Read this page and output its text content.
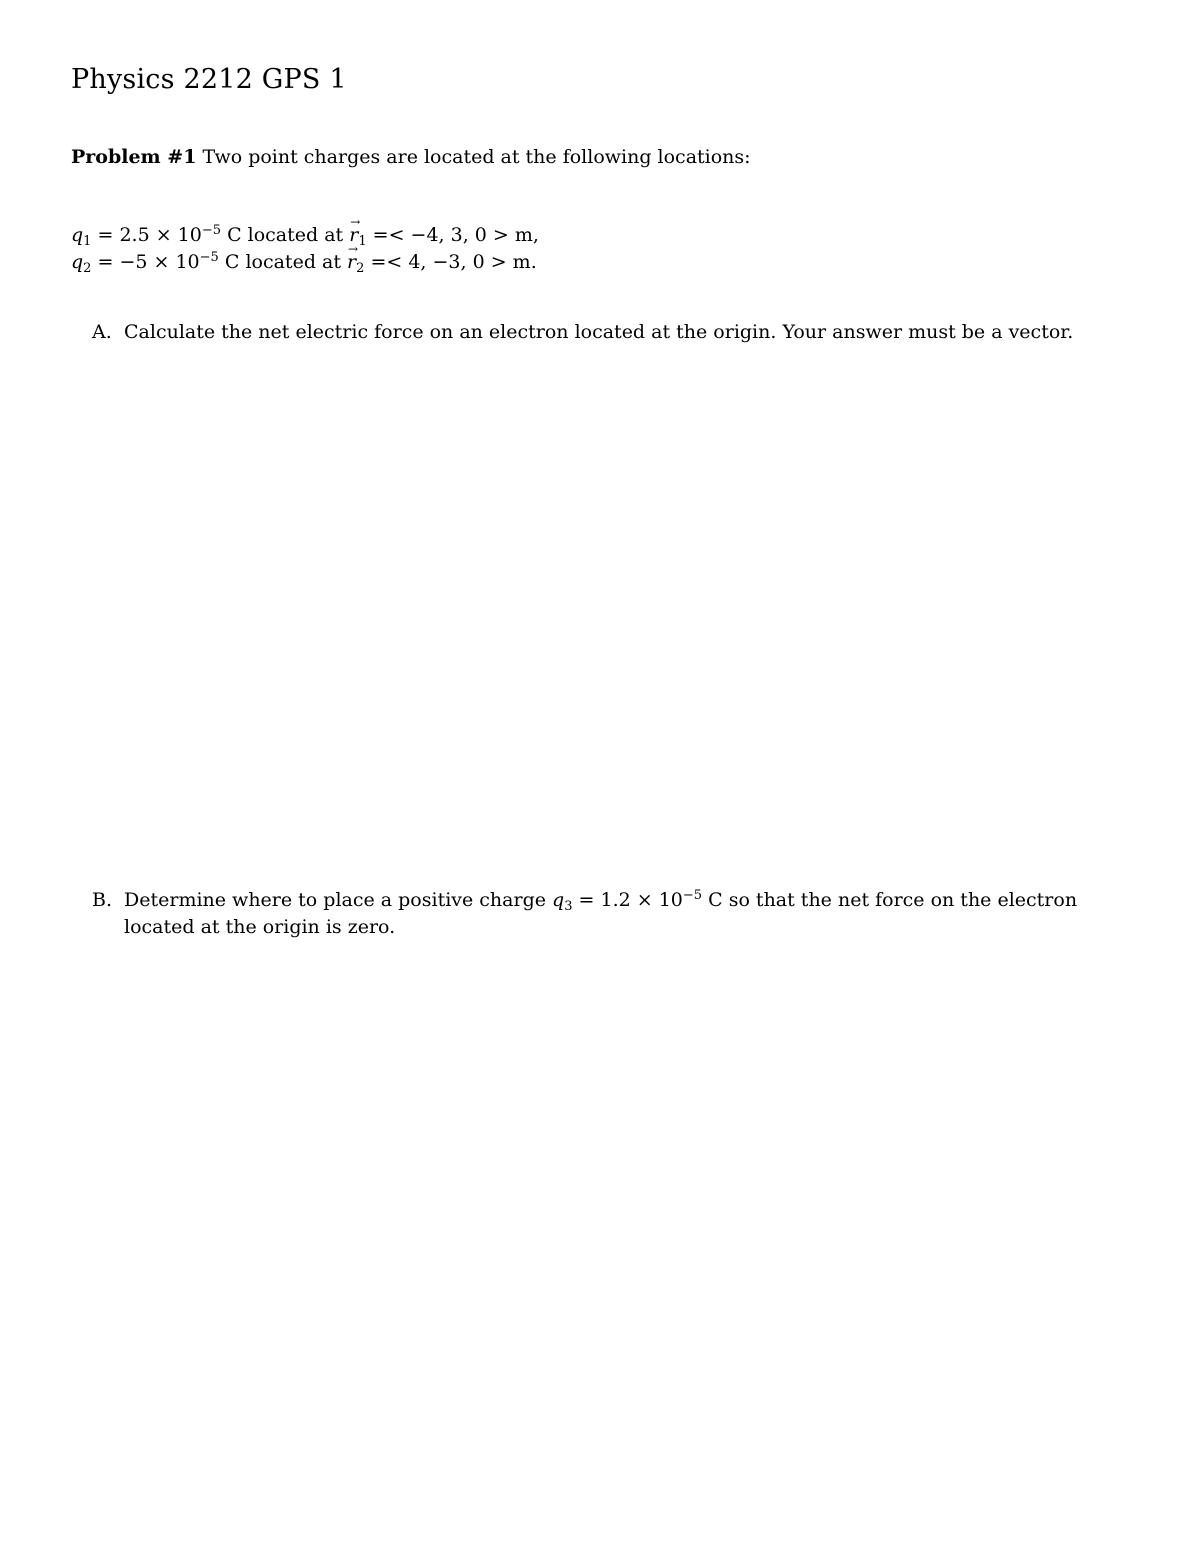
Physics 2212 GPS 1

Problem #1 Two point charges are located at the following locations:

$q_1 = 2.5 \times 10^{-5}$ C located at → $r_1 =< -4$, 3, 0 > m,
$q_2 = -5 \times 10^{-5}$ C located at → $r_2 =< 4$, −3, 0 > m.
A. Calculate the net electric force on an electron located at the origin. Your answer must be a vector.
B. Determine where to place a positive charge $q_3 = 1.2 \times 10^{-5}$ C so that the net force on the electron located at the origin is zero.
